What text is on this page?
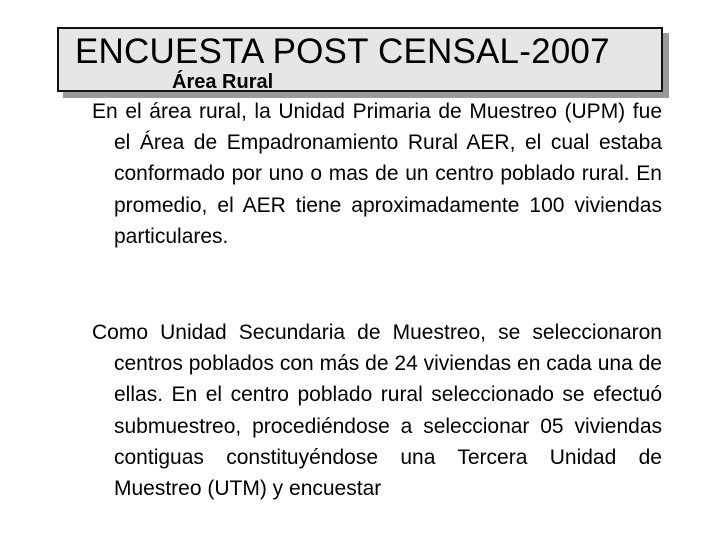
ENCUESTA POST CENSAL-2007
Área Rural

En el área rural, la Unidad Primaria de Muestreo (UPM) fue el Área de Empadronamiento Rural AER, el cual estaba conformado por uno o mas de un centro poblado rural. En promedio, el AER tiene aproximadamente 100 viviendas particulares.

Como Unidad Secundaria de Muestreo, se seleccionaron centros poblados con más de 24 viviendas en cada una de ellas. En el centro poblado rural seleccionado se efectuó submuestreo, procediéndose a seleccionar 05 viviendas contiguas constituyéndose una Tercera Unidad de Muestreo (UTM) y encuestar
